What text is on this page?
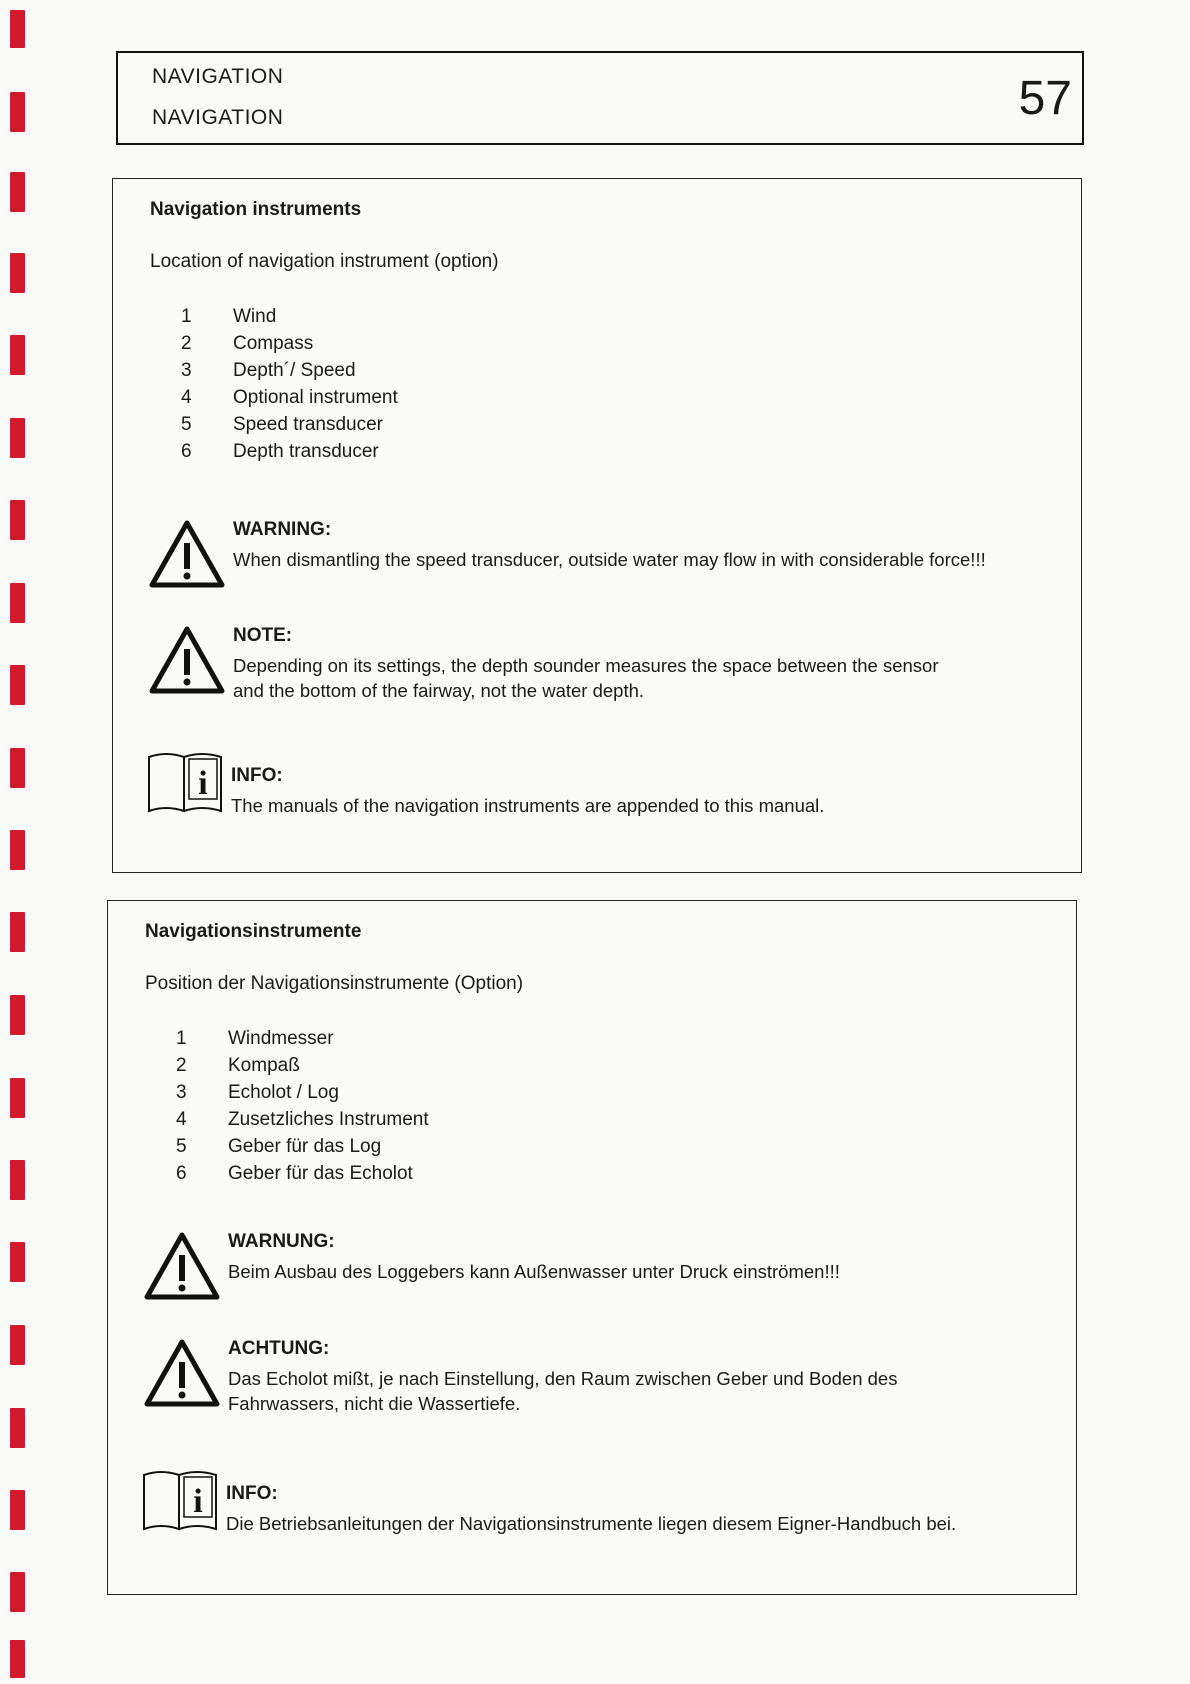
NAVIGATION
NAVIGATION	57
Navigation instruments
Location of navigation instrument (option)
1	Wind
2	Compass
3	Depth´/ Speed
4	Optional instrument
5	Speed transducer
6	Depth transducer
WARNING:
When dismantling the speed transducer, outside water may flow in with considerable force!!!
NOTE:
Depending on its settings, the depth sounder measures the space between the sensor
and the bottom of the fairway, not the water depth.
i INFO:
The manuals of the navigation instruments are appended to this manual.
Navigationsinstrumente
Position der Navigationsinstrumente (Option)
1	Windmesser
2	Kompaß
3	Echolot / Log
4	Zusetzliches Instrument
5	Geber für das Log
6	Geber für das Echolot
WARNUNG:
Beim Ausbau des Loggebers kann Außenwasser unter Druck einströmen!!!
ACHTUNG:
Das Echolot mißt, je nach Einstellung, den Raum zwischen Geber und Boden des
Fahrwassers, nicht die Wassertiefe.
i INFO:
Die Betriebsanleitungen der Navigationsinstrumente liegen diesem Eigner-Handbuch bei.
